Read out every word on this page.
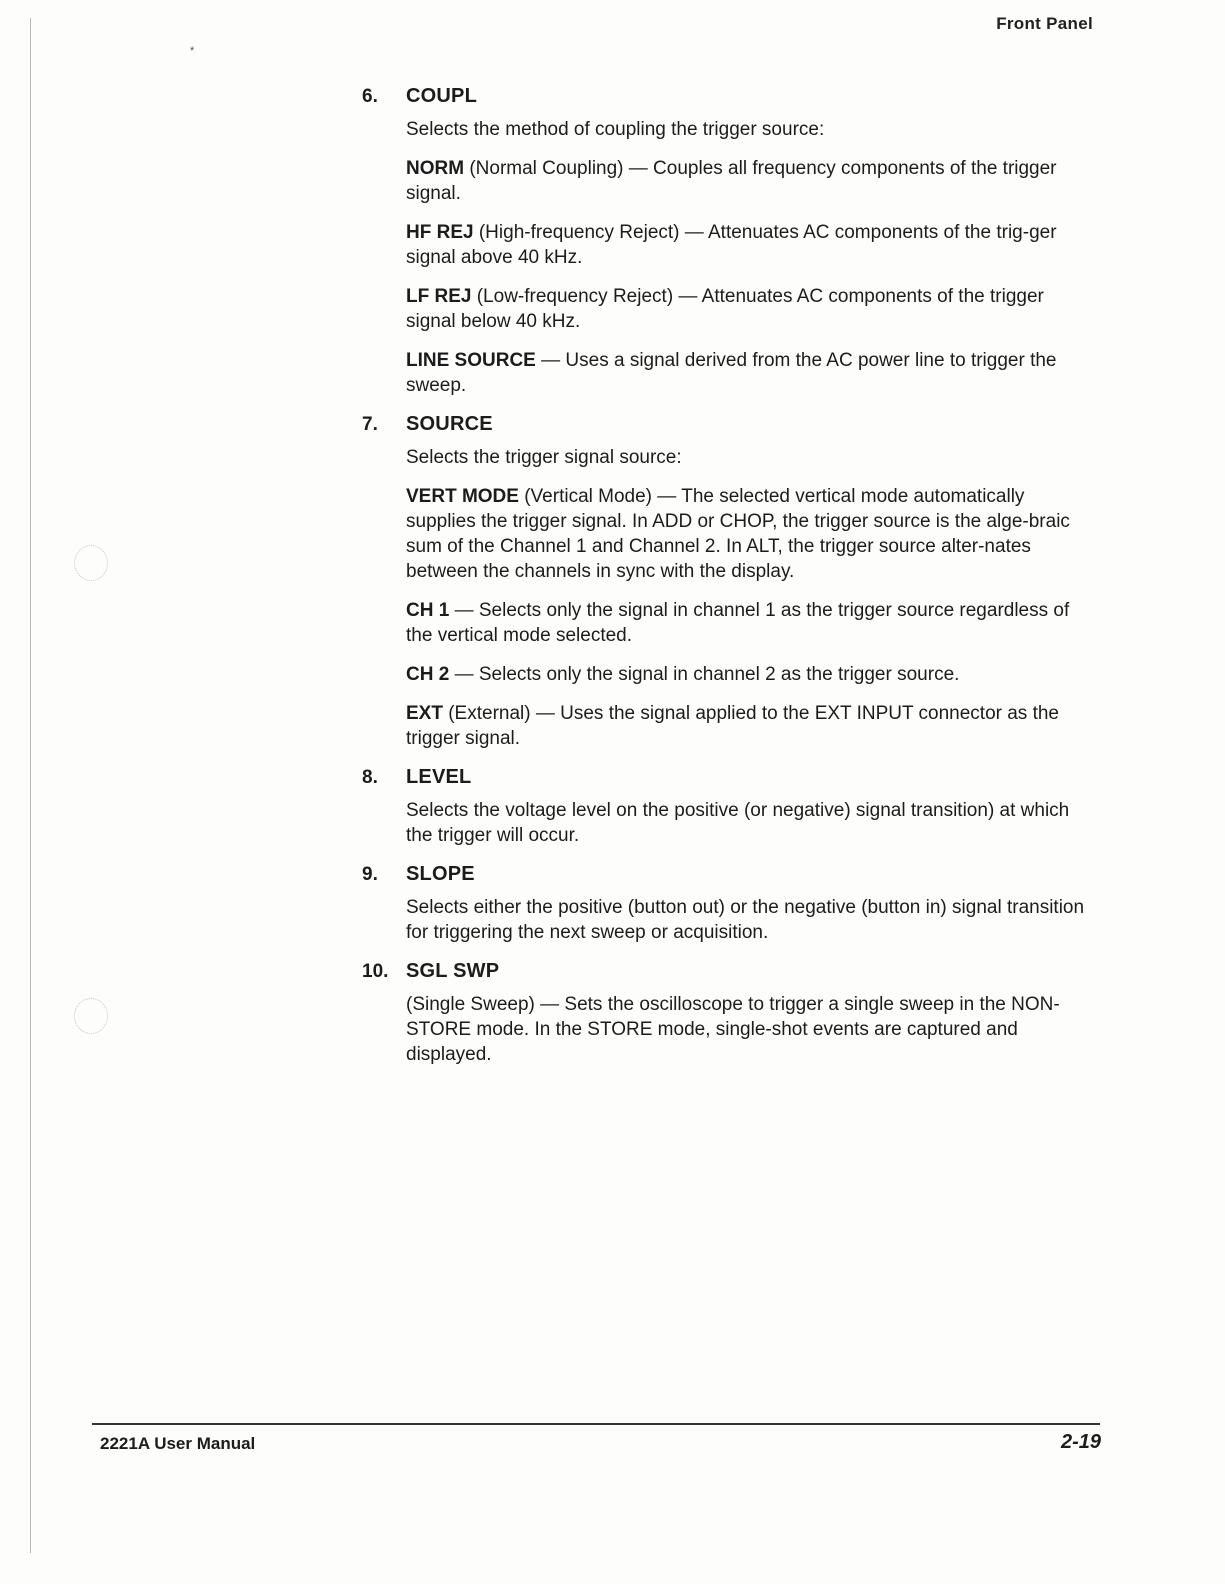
*
Front Panel
6.	COUPL

Selects the method of coupling the trigger source:

NORM (Normal Coupling) — Couples all frequency components of the trigger signal.

HF REJ (High-frequency Reject) — Attenuates AC components of the trig-ger signal above 40 kHz.

LF REJ (Low-frequency Reject) — Attenuates AC components of the trigger signal below 40 kHz.

LINE SOURCE — Uses a signal derived from the AC power line to trigger the sweep.

7.	SOURCE

Selects the trigger signal source:

VERT MODE (Vertical Mode) — The selected vertical mode automatically supplies the trigger signal. In ADD or CHOP, the trigger source is the alge-braic sum of the Channel 1 and Channel 2. In ALT, the trigger source alter-nates between the channels in sync with the display.

CH 1 — Selects only the signal in channel 1 as the trigger source regardless of the vertical mode selected.

CH 2 — Selects only the signal in channel 2 as the trigger source.

EXT (External) — Uses the signal applied to the EXT INPUT connector as the trigger signal.

8.	LEVEL

Selects the voltage level on the positive (or negative) signal transition) at which the trigger will occur.

9.	SLOPE

Selects either the positive (button out) or the negative (button in) signal transition for triggering the next sweep or acquisition.

10. SGL SWP

(Single Sweep) — Sets the oscilloscope to trigger a single sweep in the NON-STORE mode. In the STORE mode, single-shot events are captured and displayed.

2221A User Manual	2-19
